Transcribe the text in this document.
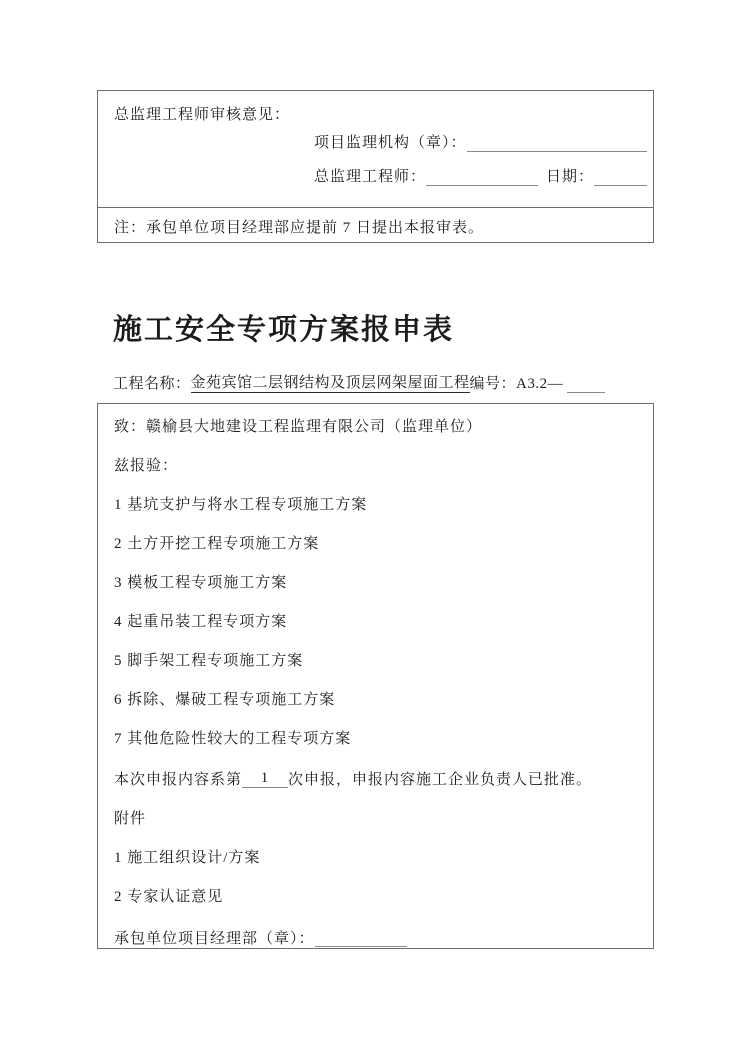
总监理工程师审核意见：
项目监理机构（章）：
总监理工程师：	日期：
注：承包单位项目经理部应提前 7 日提出本报审表。
施工安全专项方案报申表
工程名称： 金苑宾馆二层钢结构及顶层网架屋面工程 编号： A3.2—

致：赣榆县大地建设工程监理有限公司（监理单位）

兹报验：

1 基坑支护与将水工程专项施工方案

2 土方开挖工程专项施工方案

3 模板工程专项施工方案

4 起重吊装工程专项方案

5 脚手架工程专项施工方案

6 拆除、爆破工程专项施工方案

7 其他危险性较大的工程专项方案

本次申报内容系第	1	次申报，申报内容施工企业负责人已批准。

附件

1 施工组织设计/方案

2 专家认证意见

承包单位项目经理部（章）：
